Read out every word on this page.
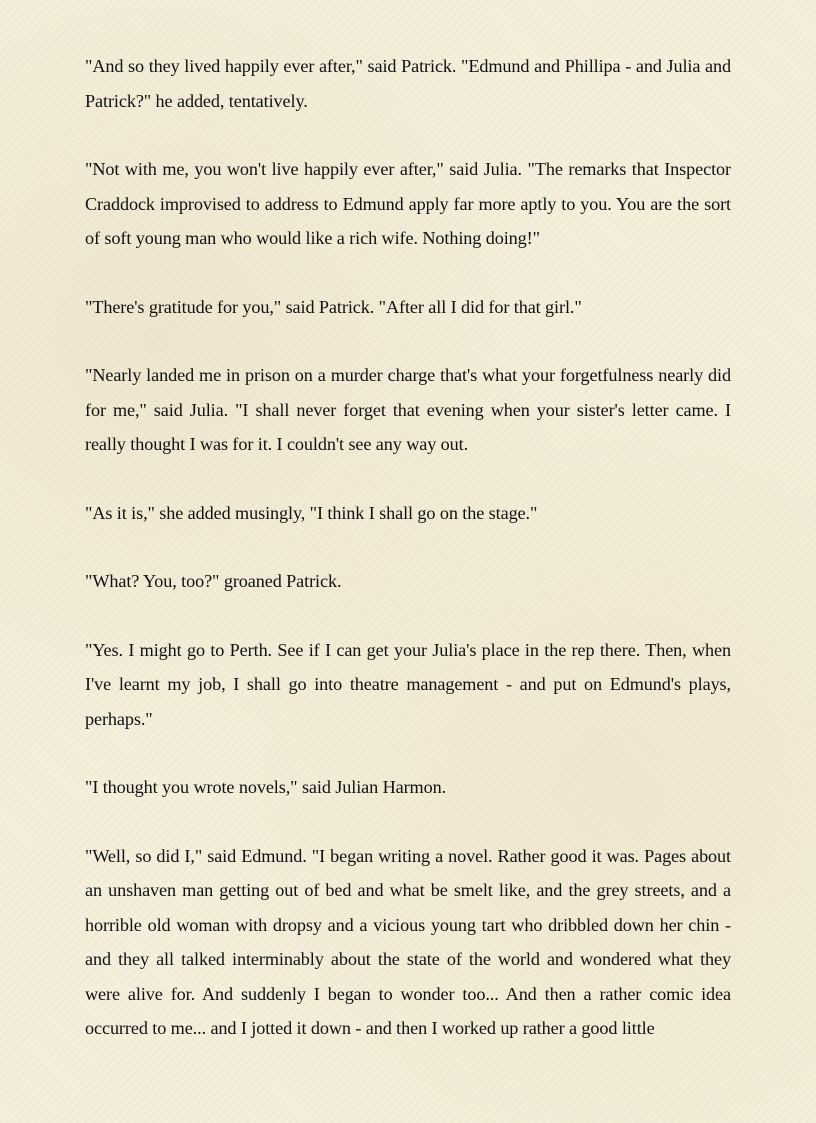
"And so they lived happily ever after," said Patrick. "Edmund and Phillipa - and Julia and Patrick?" he added, tentatively.

"Not with me, you won't live happily ever after," said Julia. "The remarks that Inspector Craddock improvised to address to Edmund apply far more aptly to you. You are the sort of soft young man who would like a rich wife. Nothing doing!"

"There's gratitude for you," said Patrick. "After all I did for that girl."

"Nearly landed me in prison on a murder charge that's what your forgetfulness nearly did for me," said Julia. "I shall never forget that evening when your sister's letter came. I really thought I was for it. I couldn't see any way out.

"As it is," she added musingly, "I think I shall go on the stage."

"What? You, too?" groaned Patrick.

"Yes. I might go to Perth. See if I can get your Julia's place in the rep there. Then, when I've learnt my job, I shall go into theatre management - and put on Edmund's plays, perhaps."

"I thought you wrote novels," said Julian Harmon.

"Well, so did I," said Edmund. "I began writing a novel. Rather good it was. Pages about an unshaven man getting out of bed and what be smelt like, and the grey streets, and a horrible old woman with dropsy and a vicious young tart who dribbled down her chin - and they all talked interminably about the state of the world and wondered what they were alive for. And suddenly I began to wonder too... And then a rather comic idea occurred to me... and I jotted it down - and then I worked up rather a good little
